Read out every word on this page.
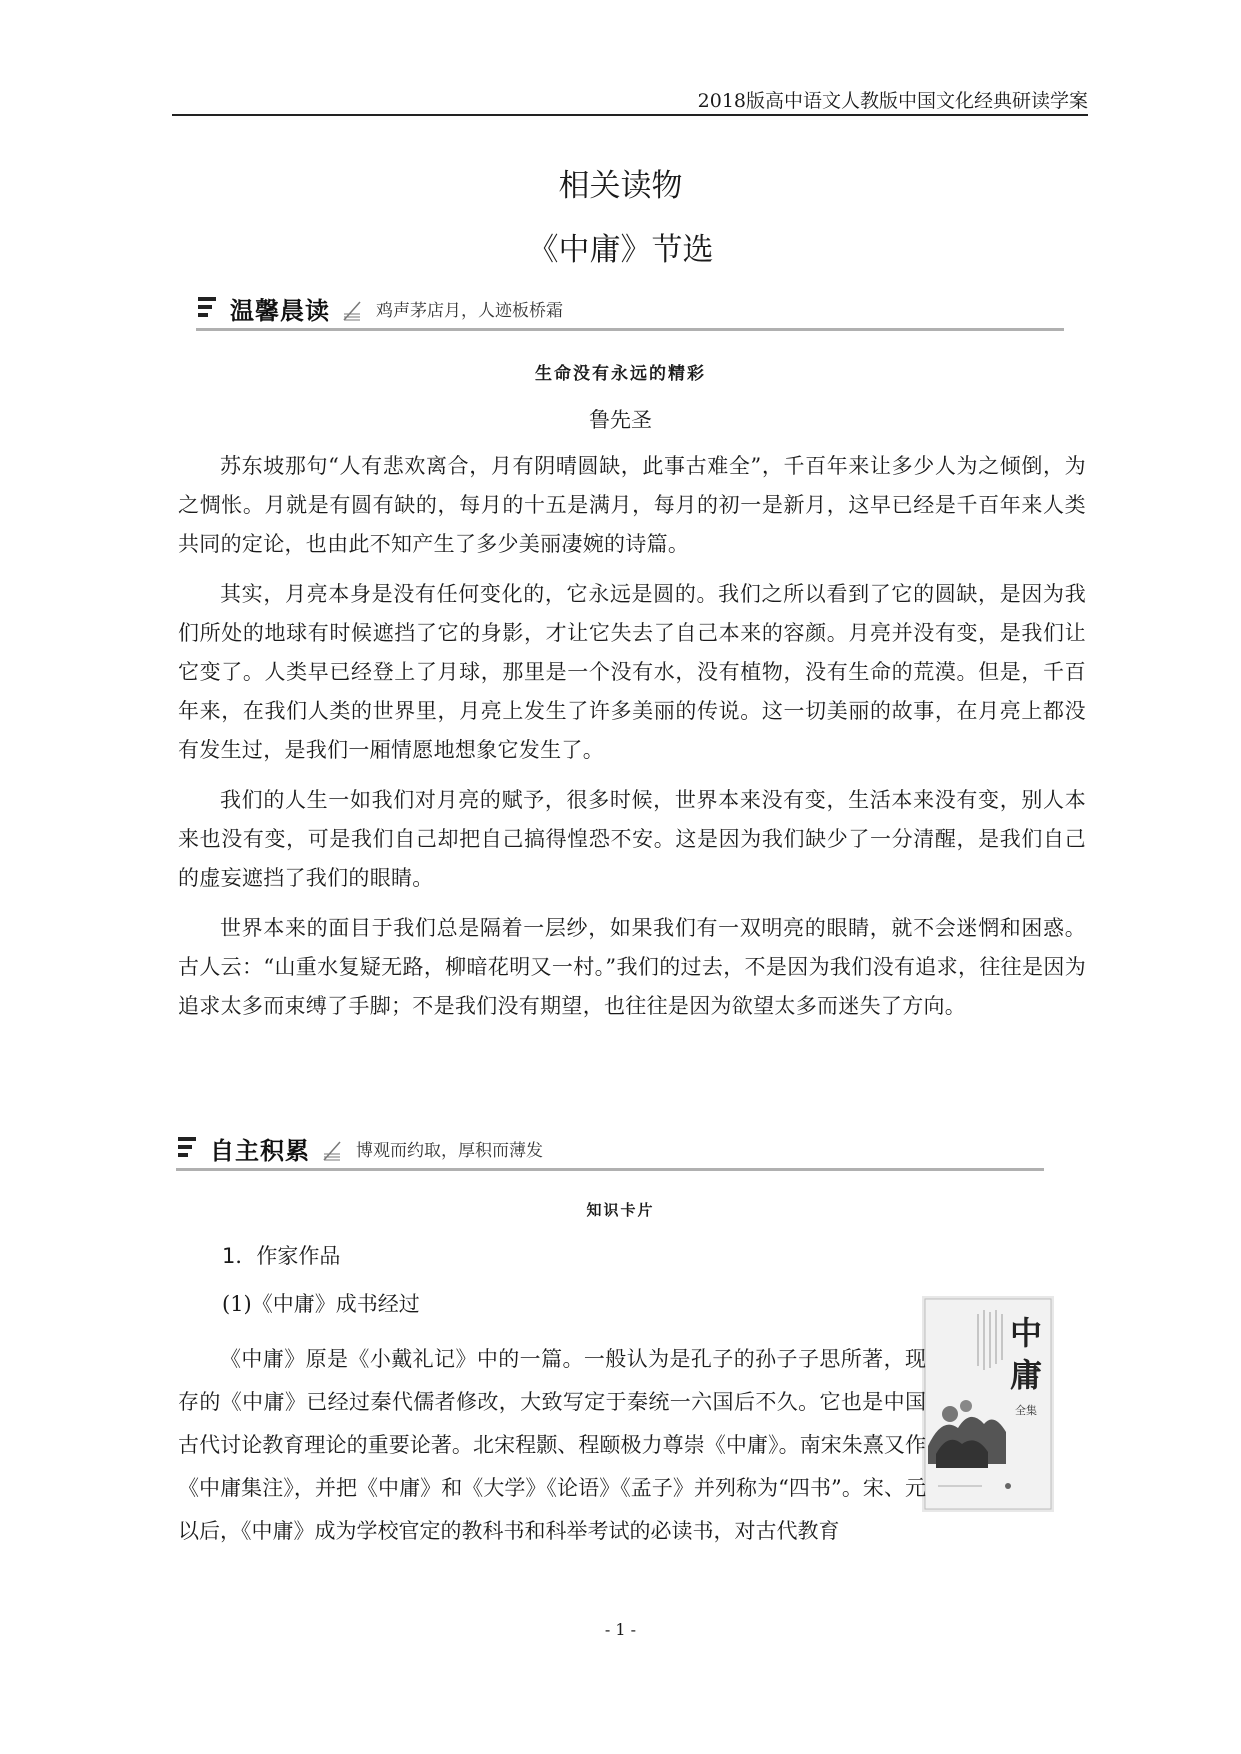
2018版高中语文人教版中国文化经典研读学案
相关读物
《中庸》节选
温馨晨读	鸡声茅店月，人迹板桥霜
生命没有永远的精彩
鲁先圣

苏东坡那句“人有悲欢离合，月有阴晴圆缺，此事古难全”，千百年来让多少人为之倾倒，为之惆怅。月就是有圆有缺的，每月的十五是满月，每月的初一是新月，这早已经是千百年来人类共同的定论，也由此不知产生了多少美丽凄婉的诗篇。

其实，月亮本身是没有任何变化的，它永远是圆的。我们之所以看到了它的圆缺，是因为我们所处的地球有时候遮挡了它的身影，才让它失去了自己本来的容颜。月亮并没有变，是我们让它变了。人类早已经登上了月球，那里是一个没有水，没有植物，没有生命的荒漠。但是，千百年来，在我们人类的世界里，月亮上发生了许多美丽的传说。这一切美丽的故事，在月亮上都没有发生过，是我们一厢情愿地想象它发生了。

我们的人生一如我们对月亮的赋予，很多时候，世界本来没有变，生活本来没有变，别人本来也没有变，可是我们自己却把自己搞得惶恐不安。这是因为我们缺少了一分清醒，是我们自己的虚妄遮挡了我们的眼睛。

世界本来的面目于我们总是隔着一层纱，如果我们有一双明亮的眼睛，就不会迷惘和困惑。古人云：“山重水复疑无路，柳暗花明又一村。”我们的过去，不是因为我们没有追求，往往是因为追求太多而束缚了手脚；不是我们没有期望，也往往是因为欲望太多而迷失了方向。

自主积累	博观而约取，厚积而薄发
知识卡片
1．作家作品
(1)《中庸》成书经过
中
庸
全集

《中庸》原是《小戴礼记》中的一篇。一般认为是孔子的孙子子思所著，现存的《中庸》已经过秦代儒者修改，大致写定于秦统一六国后不久。它也是中国古代讨论教育理论的重要论著。北宋程颢、程颐极力尊崇《中庸》。南宋朱熹又作《中庸集注》，并把《中庸》和《大学》《论语》《孟子》并列称为“四书”。宋、元以后，《中庸》成为学校官定的教科书和科举考试的必读书，对古代教育

- 1 -
